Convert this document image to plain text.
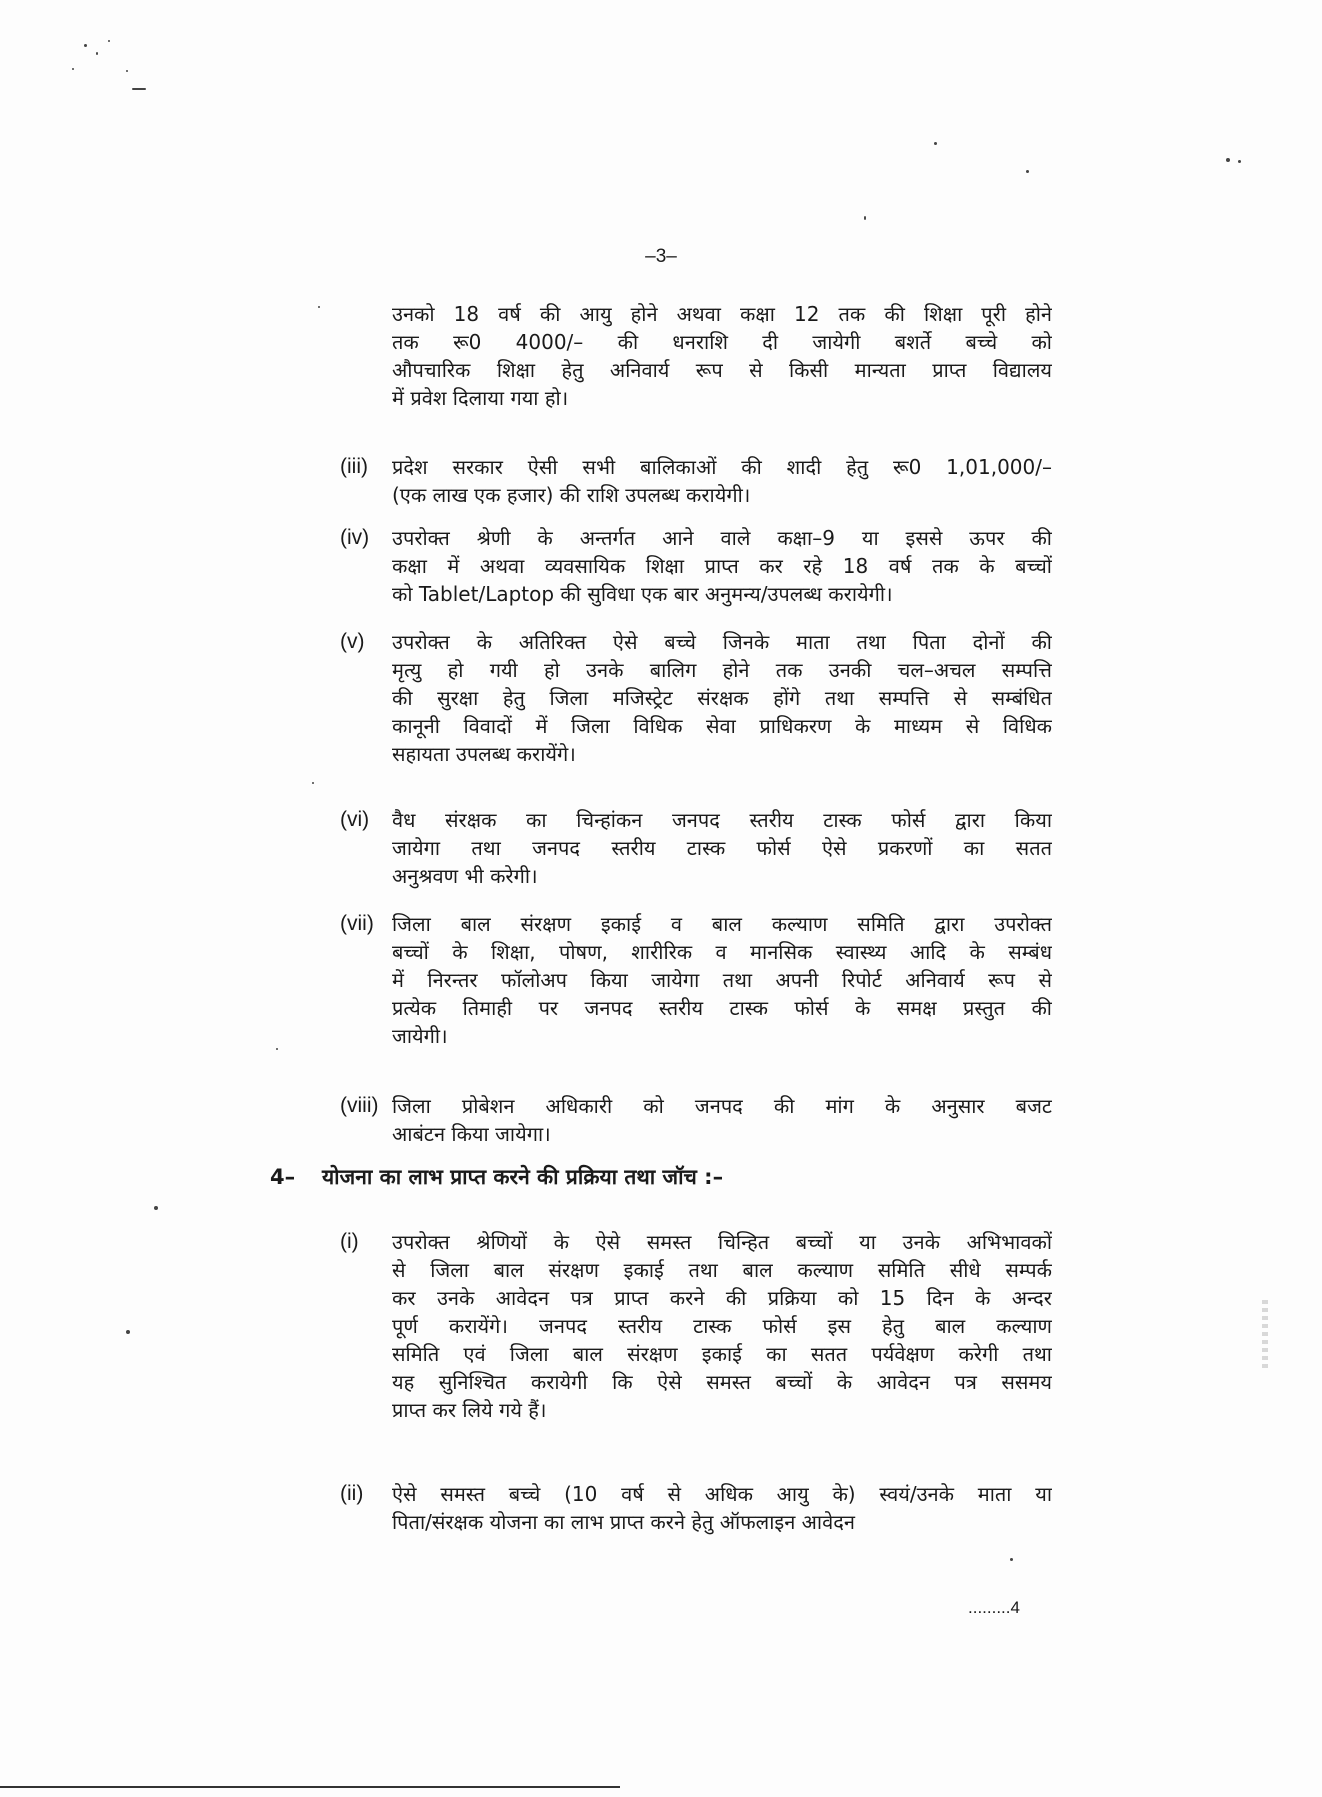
–3–
उनको 18 वर्ष की आयु होने अथवा कक्षा 12 तक की शिक्षा पूरी होने
तक रू0 4000/– की धनराशि दी जायेगी बशर्ते बच्चे को
औपचारिक शिक्षा हेतु अनिवार्य रूप से किसी मान्यता प्राप्त विद्यालय
में प्रवेश दिलाया गया हो।
(iii) प्रदेश सरकार ऐसी सभी बालिकाओं की शादी हेतु रू0 1,01,000/–
(एक लाख एक हजार) की राशि उपलब्ध करायेगी।
(iv) उपरोक्त श्रेणी के अन्तर्गत आने वाले कक्षा–9 या इससे ऊपर की
कक्षा में अथवा व्यवसायिक शिक्षा प्राप्त कर रहे 18 वर्ष तक के बच्चों
को Tablet/Laptop की सुविधा एक बार अनुमन्य/उपलब्ध करायेगी।
(v) उपरोक्त के अतिरिक्त ऐसे बच्चे जिनके माता तथा पिता दोनों की
मृत्यु हो गयी हो उनके बालिग होने तक उनकी चल–अचल सम्पत्ति
की सुरक्षा हेतु जिला मजिस्ट्रेट संरक्षक होंगे तथा सम्पत्ति से सम्बंधित
कानूनी विवादों में जिला विधिक सेवा प्राधिकरण के माध्यम से विधिक
सहायता उपलब्ध करायेंगे।
(vi) वैध संरक्षक का चिन्हांकन जनपद स्तरीय टास्क फोर्स द्वारा किया
जायेगा तथा जनपद स्तरीय टास्क फोर्स ऐसे प्रकरणों का सतत
अनुश्रवण भी करेगी।
(vii) जिला बाल संरक्षण इकाई व बाल कल्याण समिति द्वारा उपरोक्त
बच्चों के शिक्षा, पोषण, शारीरिक व मानसिक स्वास्थ्य आदि के सम्बंध
में निरन्तर फॉलोअप किया जायेगा तथा अपनी रिपोर्ट अनिवार्य रूप से
प्रत्येक तिमाही पर जनपद स्तरीय टास्क फोर्स के समक्ष प्रस्तुत की
जायेगी।
(viii) जिला प्रोबेशन अधिकारी को जनपद की मांग के अनुसार बजट
आबंटन किया जायेगा।
4– योजना का लाभ प्राप्त करने की प्रक्रिया तथा जॉच :–
(i) उपरोक्त श्रेणियों के ऐसे समस्त चिन्हित बच्चों या उनके अभिभावकों
से जिला बाल संरक्षण इकाई तथा बाल कल्याण समिति सीधे सम्पर्क
कर उनके आवेदन पत्र प्राप्त करने की प्रक्रिया को 15 दिन के अन्दर
पूर्ण करायेंगे। जनपद स्तरीय टास्क फोर्स इस हेतु बाल कल्याण
समिति एवं जिला बाल संरक्षण इकाई का सतत पर्यवेक्षण करेगी तथा
यह सुनिश्चित करायेगी कि ऐसे समस्त बच्चों के आवेदन पत्र ससमय
प्राप्त कर लिये गये हैं।
(ii) ऐसे समस्त बच्चे (10 वर्ष से अधिक आयु के) स्वयं/उनके माता या
पिता/संरक्षक योजना का लाभ प्राप्त करने हेतु ऑफलाइन आवेदन
.........4
